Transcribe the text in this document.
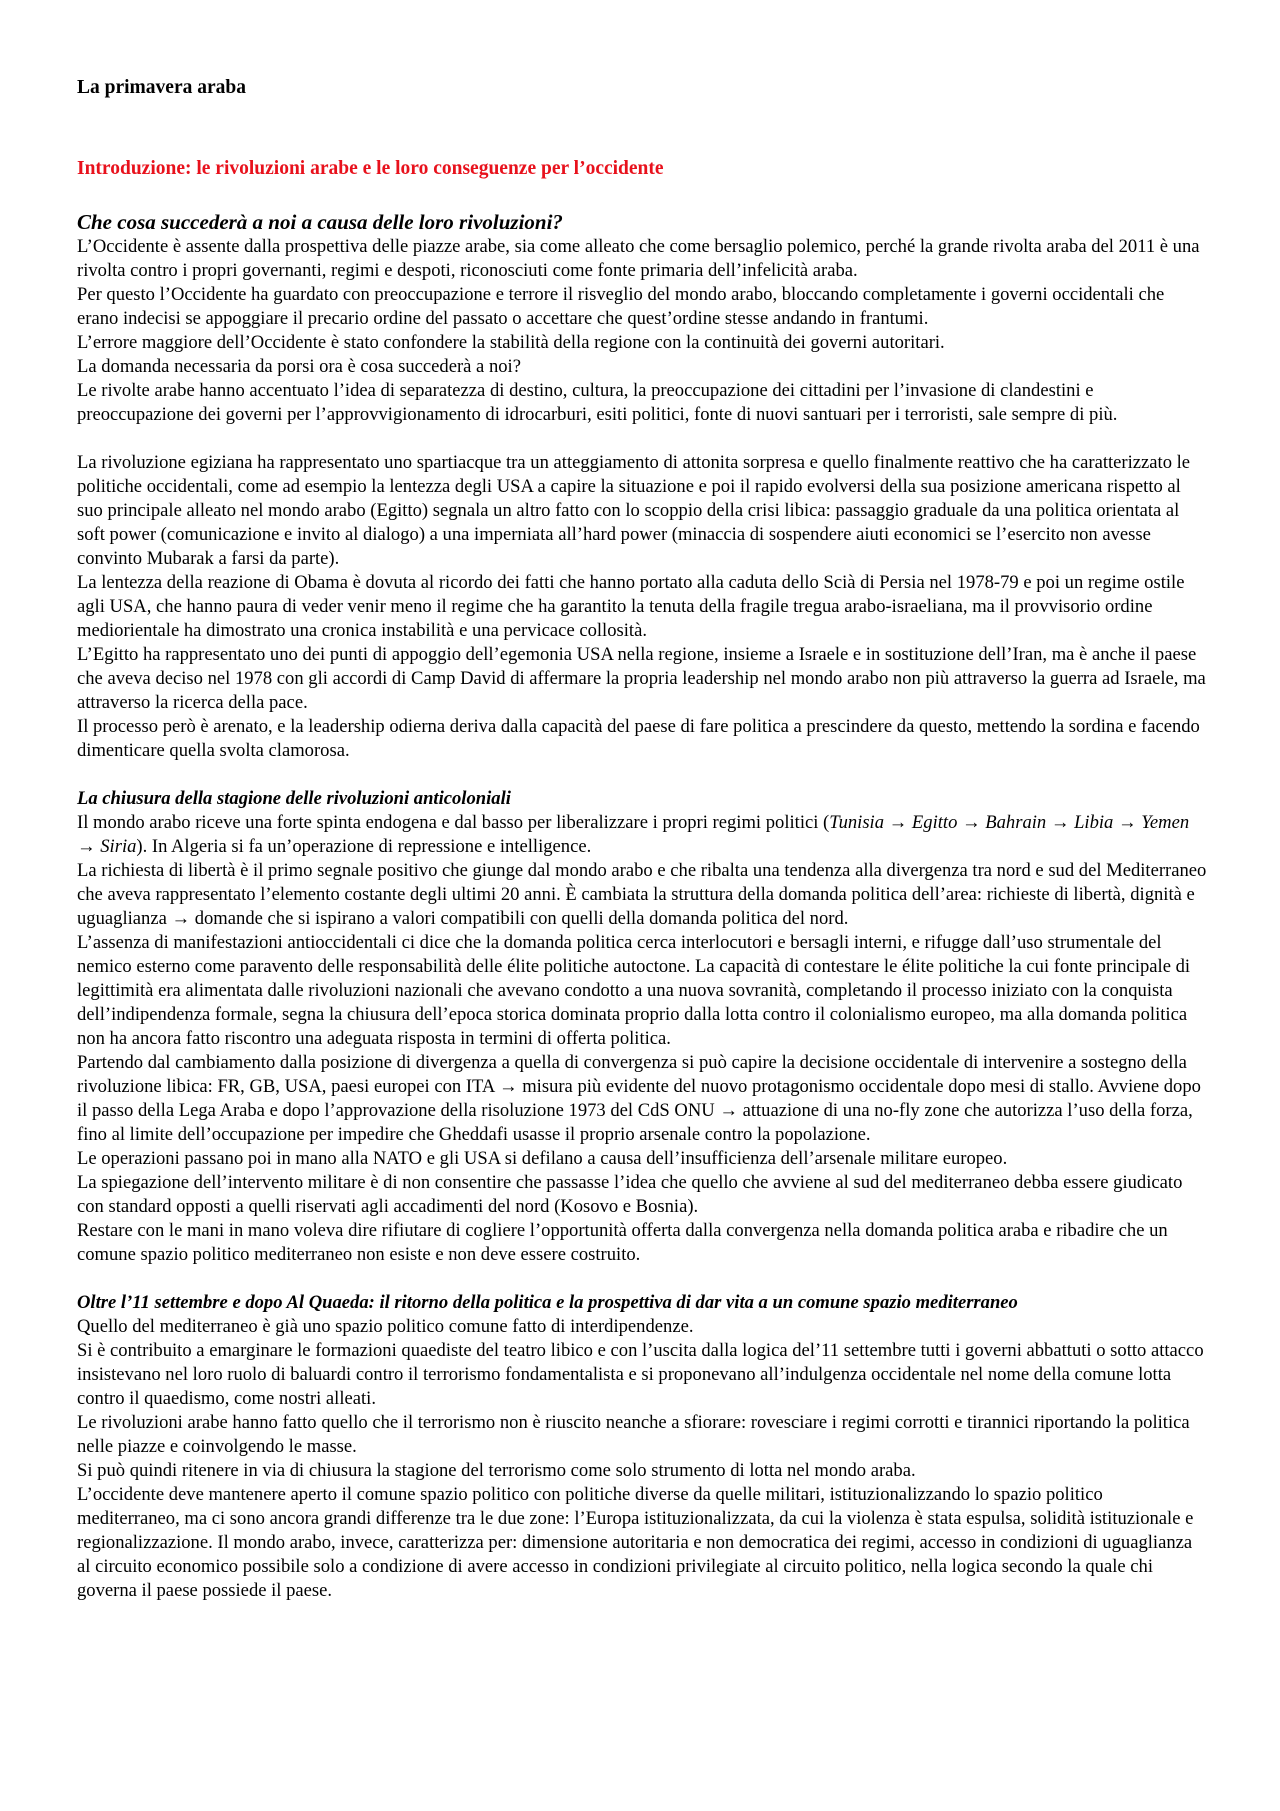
La primavera araba
Introduzione: le rivoluzioni arabe e le loro conseguenze per l’occidente
Che cosa succederà a noi a causa delle loro rivoluzioni?

L’Occidente è assente dalla prospettiva delle piazze arabe, sia come alleato che come bersaglio polemico, perché la grande rivolta araba del 2011 è una rivolta contro i propri governanti, regimi e despoti, riconosciuti come fonte primaria dell’infelicità araba.

Per questo l’Occidente ha guardato con preoccupazione e terrore il risveglio del mondo arabo, bloccando completamente i governi occidentali che erano indecisi se appoggiare il precario ordine del passato o accettare che quest’ordine stesse andando in frantumi.

L’errore maggiore dell’Occidente è stato confondere la stabilità della regione con la continuità dei governi autoritari.

La domanda necessaria da porsi ora è cosa succederà a noi?

Le rivolte arabe hanno accentuato l’idea di separatezza di destino, cultura, la preoccupazione dei cittadini per l’invasione di clandestini e preoccupazione dei governi per l’approvvigionamento di idrocarburi, esiti politici, fonte di nuovi santuari per i terroristi, sale sempre di più.

La rivoluzione egiziana ha rappresentato uno spartiacque tra un atteggiamento di attonita sorpresa e quello finalmente reattivo che ha caratterizzato le politiche occidentali, come ad esempio la lentezza degli USA a capire la situazione e poi il rapido evolversi della sua posizione americana rispetto al suo principale alleato nel mondo arabo (Egitto) segnala un altro fatto con lo scoppio della crisi libica: passaggio graduale da una politica orientata al soft power (comunicazione e invito al dialogo) a una imperniata all’hard power (minaccia di sospendere aiuti economici se l’esercito non avesse convinto Mubarak a farsi da parte).

La lentezza della reazione di Obama è dovuta al ricordo dei fatti che hanno portato alla caduta dello Scià di Persia nel 1978-79 e poi un regime ostile agli USA, che hanno paura di veder venir meno il regime che ha garantito la tenuta della fragile tregua arabo-israeliana, ma il provvisorio ordine mediorientale ha dimostrato una cronica instabilità e una pervicace collosità.

L’Egitto ha rappresentato uno dei punti di appoggio dell’egemonia USA nella regione, insieme a Israele e in sostituzione dell’Iran, ma è anche il paese che aveva deciso nel 1978 con gli accordi di Camp David di affermare la propria leadership nel mondo arabo non più attraverso la guerra ad Israele, ma attraverso la ricerca della pace.

Il processo però è arenato, e la leadership odierna deriva dalla capacità del paese di fare politica a prescindere da questo, mettendo la sordina e facendo dimenticare quella svolta clamorosa.

La chiusura della stagione delle rivoluzioni anticoloniali

Il mondo arabo riceve una forte spinta endogena e dal basso per liberalizzare i propri regimi politici (Tunisia → Egitto → Bahrain → Libia → Yemen → Siria). In Algeria si fa un’operazione di repressione e intelligence.

La richiesta di libertà è il primo segnale positivo che giunge dal mondo arabo e che ribalta una tendenza alla divergenza tra nord e sud del Mediterraneo che aveva rappresentato l’elemento costante degli ultimi 20 anni. È cambiata la struttura della domanda politica dell’area: richieste di libertà, dignità e uguaglianza → domande che si ispirano a valori compatibili con quelli della domanda politica del nord.

L’assenza di manifestazioni antioccidentali ci dice che la domanda politica cerca interlocutori e bersagli interni, e rifugge dall’uso strumentale del nemico esterno come paravento delle responsabilità delle élite politiche autoctone. La capacità di contestare le élite politiche la cui fonte principale di legittimità era alimentata dalle rivoluzioni nazionali che avevano condotto a una nuova sovranità, completando il processo iniziato con la conquista dell’indipendenza formale, segna la chiusura dell’epoca storica dominata proprio dalla lotta contro il colonialismo europeo, ma alla domanda politica non ha ancora fatto riscontro una adeguata risposta in termini di offerta politica.

Partendo dal cambiamento dalla posizione di divergenza a quella di convergenza si può capire la decisione occidentale di intervenire a sostegno della rivoluzione libica: FR, GB, USA, paesi europei con ITA → misura più evidente del nuovo protagonismo occidentale dopo mesi di stallo. Avviene dopo il passo della Lega Araba e dopo l’approvazione della risoluzione 1973 del CdS ONU → attuazione di una no-fly zone che autorizza l’uso della forza, fino al limite dell’occupazione per impedire che Gheddafi usasse il proprio arsenale contro la popolazione.

Le operazioni passano poi in mano alla NATO e gli USA si defilano a causa dell’insufficienza dell’arsenale militare europeo.

La spiegazione dell’intervento militare è di non consentire che passasse l’idea che quello che avviene al sud del mediterraneo debba essere giudicato con standard opposti a quelli riservati agli accadimenti del nord (Kosovo e Bosnia).

Restare con le mani in mano voleva dire rifiutare di cogliere l’opportunità offerta dalla convergenza nella domanda politica araba e ribadire che un comune spazio politico mediterraneo non esiste e non deve essere costruito.

Oltre l’11 settembre e dopo Al Quaeda: il ritorno della politica e la prospettiva di dar vita a un comune spazio mediterraneo

Quello del mediterraneo è già uno spazio politico comune fatto di interdipendenze.

Si è contribuito a emarginare le formazioni quaediste del teatro libico e con l’uscita dalla logica del’11 settembre tutti i governi abbattuti o sotto attacco insistevano nel loro ruolo di baluardi contro il terrorismo fondamentalista e si proponevano all’indulgenza occidentale nel nome della comune lotta contro il quaedismo, come nostri alleati.

Le rivoluzioni arabe hanno fatto quello che il terrorismo non è riuscito neanche a sfiorare: rovesciare i regimi corrotti e tirannici riportando la politica nelle piazze e coinvolgendo le masse.

Si può quindi ritenere in via di chiusura la stagione del terrorismo come solo strumento di lotta nel mondo araba.

L’occidente deve mantenere aperto il comune spazio politico con politiche diverse da quelle militari, istituzionalizzando lo spazio politico mediterraneo, ma ci sono ancora grandi differenze tra le due zone: l’Europa istituzionalizzata, da cui la violenza è stata espulsa, solidità istituzionale e regionalizzazione. Il mondo arabo, invece, caratterizza per: dimensione autoritaria e non democratica dei regimi, accesso in condizioni di uguaglianza al circuito economico possibile solo a condizione di avere accesso in condizioni privilegiate al circuito politico, nella logica secondo la quale chi governa il paese possiede il paese.
